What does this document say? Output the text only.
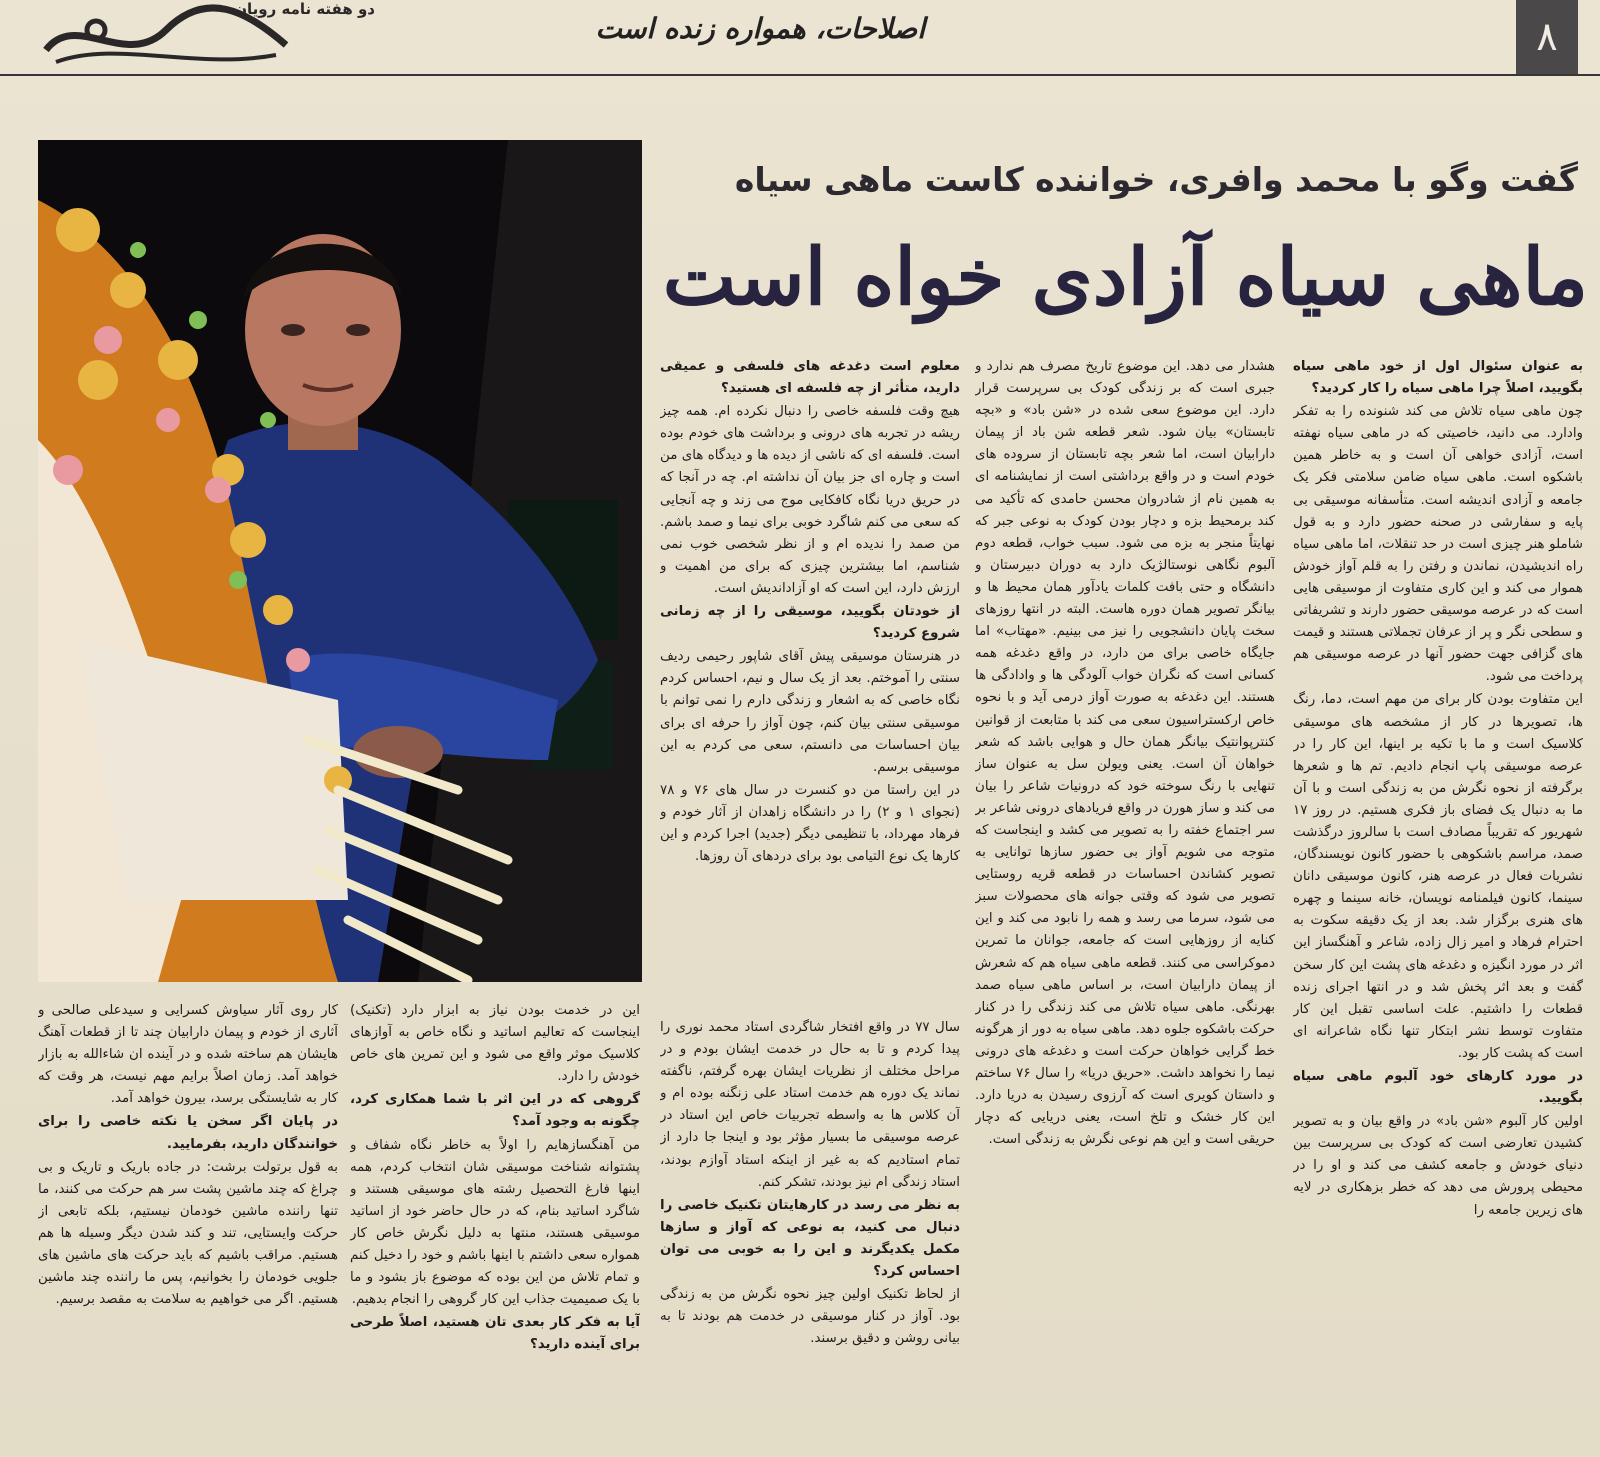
دو هفته نامه رویان
اصلاحات، همواره زنده است	۸
گفت وگو با محمد وافری، خواننده کاست ماهی سیاه
ماهی سیاه آزادی خواه است

به عنوان سئوال اول از خود ماهی سیاه بگویید، اصلاً چرا ماهی سیاه را کار کردید؟

چون ماهی سیاه تلاش می کند شنونده را به تفکر وادارد. می دانید، خاصیتی که در ماهی سیاه نهفته است، آزادی خواهی آن است و به خاطر همین باشکوه است. ماهی سیاه ضامن سلامتی فکر یک جامعه و آزادی اندیشه است. متأسفانه موسیقی بی پایه و سفارشی در صحنه حضور دارد و به قول شاملو هنر چیزی است در حد تنقلات، اما ماهی سیاه راه اندیشیدن، نماندن و رفتن را به قلم آواز خودش هموار می کند و این کاری متفاوت از موسیقی هایی است که در عرصه موسیقی حضور دارند و تشریفاتی و سطحی نگر و پر از عرفان تجملاتی هستند و قیمت های گزافی جهت حضور آنها در عرصه موسیقی هم پرداخت می شود.

این متفاوت بودن کار برای من مهم است، دما، رنگ ها، تصویرها در کار از مشخصه های موسیقی کلاسیک است و ما با تکیه بر اینها، این کار را در عرصه موسیقی پاپ انجام دادیم. تم ها و شعرها برگرفته از نحوه نگرش من به زندگی است و با آن ما به دنبال یک فضای باز فکری هستیم. در روز ۱۷ شهریور که تقریباً مصادف است با سالروز درگذشت صمد، مراسم باشکوهی با حضور کانون نویسندگان، نشریات فعال در عرصه هنر، کانون موسیقی دانان سینما، کانون فیلمنامه نویسان، خانه سینما و چهره های هنری برگزار شد. بعد از یک دقیقه سکوت به احترام فرهاد و امیر زال زاده، شاعر و آهنگساز این اثر در مورد انگیزه و دغدغه های پشت این کار سخن گفت و بعد اثر پخش شد و در انتها اجرای زنده قطعات را داشتیم. علت اساسی تقبل این کار متفاوت توسط نشر ابتکار تنها نگاه شاعرانه ای است که پشت کار بود.

در مورد کارهای خود آلبوم ماهی سیاه بگویید.

اولین کار آلبوم «شن باد» در واقع بیان و به تصویر کشیدن تعارضی است که کودک بی سرپرست بین دنیای خودش و جامعه کشف می کند و او را در محیطی پرورش می دهد که خطر بزهکاری در لایه های زیرین جامعه را

هشدار می دهد. این موضوع تاریخ مصرف هم ندارد و جبری است که بر زندگی کودک بی سرپرست قرار دارد. این موضوع سعی شده در «شن باد» و «بچه تابستان» بیان شود. شعر قطعه شن باد از پیمان دارابیان است، اما شعر بچه تابستان از سروده های خودم است و در واقع برداشتی است از نمایشنامه ای به همین نام از شادروان محسن حامدی که تأکید می کند برمحیط بزه و دچار بودن کودک به نوعی جبر که نهایتاً منجر به بزه می شود. سبب خواب، قطعه دوم آلبوم نگاهی نوستالژیک دارد به دوران دبیرستان و دانشگاه و حتی بافت کلمات یادآور همان محیط ها و بیانگر تصویر همان دوره هاست. البته در انتها روزهای سخت پایان دانشجویی را نیز می بینیم. «مهتاب» اما جایگاه خاصی برای من دارد، در واقع دغدغه همه کسانی است که نگران خواب آلودگی ها و وادادگی ها هستند. این دغدغه به صورت آواز درمی آید و با نحوه خاص ارکستراسیون سعی می کند با متابعت از قوانین کنترپوانتیک بیانگر همان حال و هوایی باشد که شعر خواهان آن است. یعنی ویولن سل به عنوان ساز تنهایی با رنگ سوخته خود که درونیات شاعر را بیان می کند و ساز هورن در واقع فریادهای درونی شاعر بر سر اجتماع خفته را به تصویر می کشد و اینجاست که متوجه می شویم آواز بی حضور سازها توانایی به تصویر کشاندن احساسات در قطعه قریه روستایی تصویر می شود که وقتی جوانه های محصولات سبز می شود، سرما می رسد و همه را نابود می کند و این کنایه از روزهایی است که جامعه، جوانان ما تمرین دموکراسی می کنند. قطعه ماهی سیاه هم که شعرش از پیمان دارابیان است، بر اساس ماهی سیاه صمد بهرنگی. ماهی سیاه تلاش می کند زندگی را در کنار حرکت باشکوه جلوه دهد. ماهی سیاه به دور از هرگونه خط گرایی خواهان حرکت است و دغدغه های درونی نیما را نخواهد داشت. «حریق دریا» را سال ۷۶ ساختم و داستان کویری است که آرزوی رسیدن به دریا دارد. این کار خشک و تلخ است، یعنی دریایی که دچار حریقی است و این هم نوعی نگرش به زندگی است.

معلوم است دغدغه های فلسفی و عمیقی دارید، متأثر از چه فلسفه ای هستید؟

هیچ وقت فلسفه خاصی را دنبال نکرده ام. همه چیز ریشه در تجربه های درونی و برداشت های خودم بوده است. فلسفه ای که ناشی از دیده ها و دیدگاه های من است و چاره ای جز بیان آن نداشته ام. چه در آنجا که در حریق دریا نگاه کافکایی موج می زند و چه آنجایی که سعی می کنم شاگرد خوبی برای نیما و صمد باشم. من صمد را ندیده ام و از نظر شخصی خوب نمی شناسم، اما بیشترین چیزی که برای من اهمیت و ارزش دارد، این است که او آزاداندیش است.

از خودتان بگویید، موسیقی را از چه زمانی شروع کردید؟

در هنرستان موسیقی پیش آقای شاپور رحیمی ردیف سنتی را آموختم. بعد از یک سال و نیم، احساس کردم نگاه خاصی که به اشعار و زندگی دارم را نمی توانم با موسیقی سنتی بیان کنم، چون آواز را حرفه ای برای بیان احساسات می دانستم، سعی می کردم به این موسیقی برسم.

در این راستا من دو کنسرت در سال های ۷۶ و ۷۸ (نجوای ۱ و ۲) را در دانشگاه زاهدان از آثار خودم و فرهاد مهرداد، با تنظیمی دیگر (جدید) اجرا کردم و این کارها یک نوع التیامی بود برای دردهای آن روزها.

سال ۷۷ در واقع افتخار شاگردی استاد محمد نوری را پیدا کردم و تا به حال در خدمت ایشان بودم و در مراحل مختلف از نظریات ایشان بهره گرفتم، ناگفته نماند یک دوره هم خدمت استاد علی زنگنه بوده ام و آن کلاس ها به واسطه تجربیات خاص این استاد در عرصه موسیقی ما بسیار مؤثر بود و اینجا جا دارد از تمام استادیم که به غیر از اینکه استاد آوازم بودند، استاد زندگی ام نیز بودند، تشکر کنم.

به نظر می رسد در کارهایتان تکنیک خاصی را دنبال می کنید، به نوعی که آواز و سازها مکمل یکدیگرند و این را به خوبی می توان احساس کرد؟

از لحاظ تکنیک اولین چیز نحوه نگرش من به زندگی بود. آواز در کنار موسیقی در خدمت هم بودند تا به بیانی روشن و دقیق برسند.

این در خدمت بودن نیاز به ابزار دارد (تکنیک) اینجاست که تعالیم اساتید و نگاه خاص به آوازهای کلاسیک موثر واقع می شود و این تمرین های خاص خودش را دارد.

گروهی که در این اثر با شما همکاری کرد، چگونه به وجود آمد؟

من آهنگسازهایم را اولاً به خاطر نگاه شفاف و پشتوانه شناخت موسیقی شان انتخاب کردم، همه اینها فارغ التحصیل رشته های موسیقی هستند و شاگرد اساتید بنام، که در حال حاضر خود از اساتید موسیقی هستند، منتها به دلیل نگرش خاص کار همواره سعی داشتم با اینها باشم و خود را دخیل کنم و تمام تلاش من این بوده که موضوع باز بشود و ما با یک صمیمیت جذاب این کار گروهی را انجام بدهیم.

آیا به فکر کار بعدی تان هستید، اصلاً طرحی برای آینده دارید؟

کار روی آثار سیاوش کسرایی و سیدعلی صالحی و آثاری از خودم و پیمان دارابیان چند تا از قطعات آهنگ هایشان هم ساخته شده و در آینده ان شاءالله به بازار خواهد آمد. زمان اصلاً برایم مهم نیست، هر وقت که کار به شایستگی برسد، بیرون خواهد آمد.

در پایان اگر سخن یا نکته خاصی را برای خوانندگان دارید، بفرمایید.

به قول برتولت برشت: در جاده باریک و تاریک و بی چراغ که چند ماشین پشت سر هم حرکت می کنند، ما تنها راننده ماشین خودمان نیستیم، بلکه تابعی از حرکت وایستایی، تند و کند شدن دیگر وسیله ها هم هستیم. مراقب باشیم که باید حرکت های ماشین های جلویی خودمان را بخوانیم، پس ما راننده چند ماشین هستیم. اگر می خواهیم به سلامت به مقصد برسیم.
